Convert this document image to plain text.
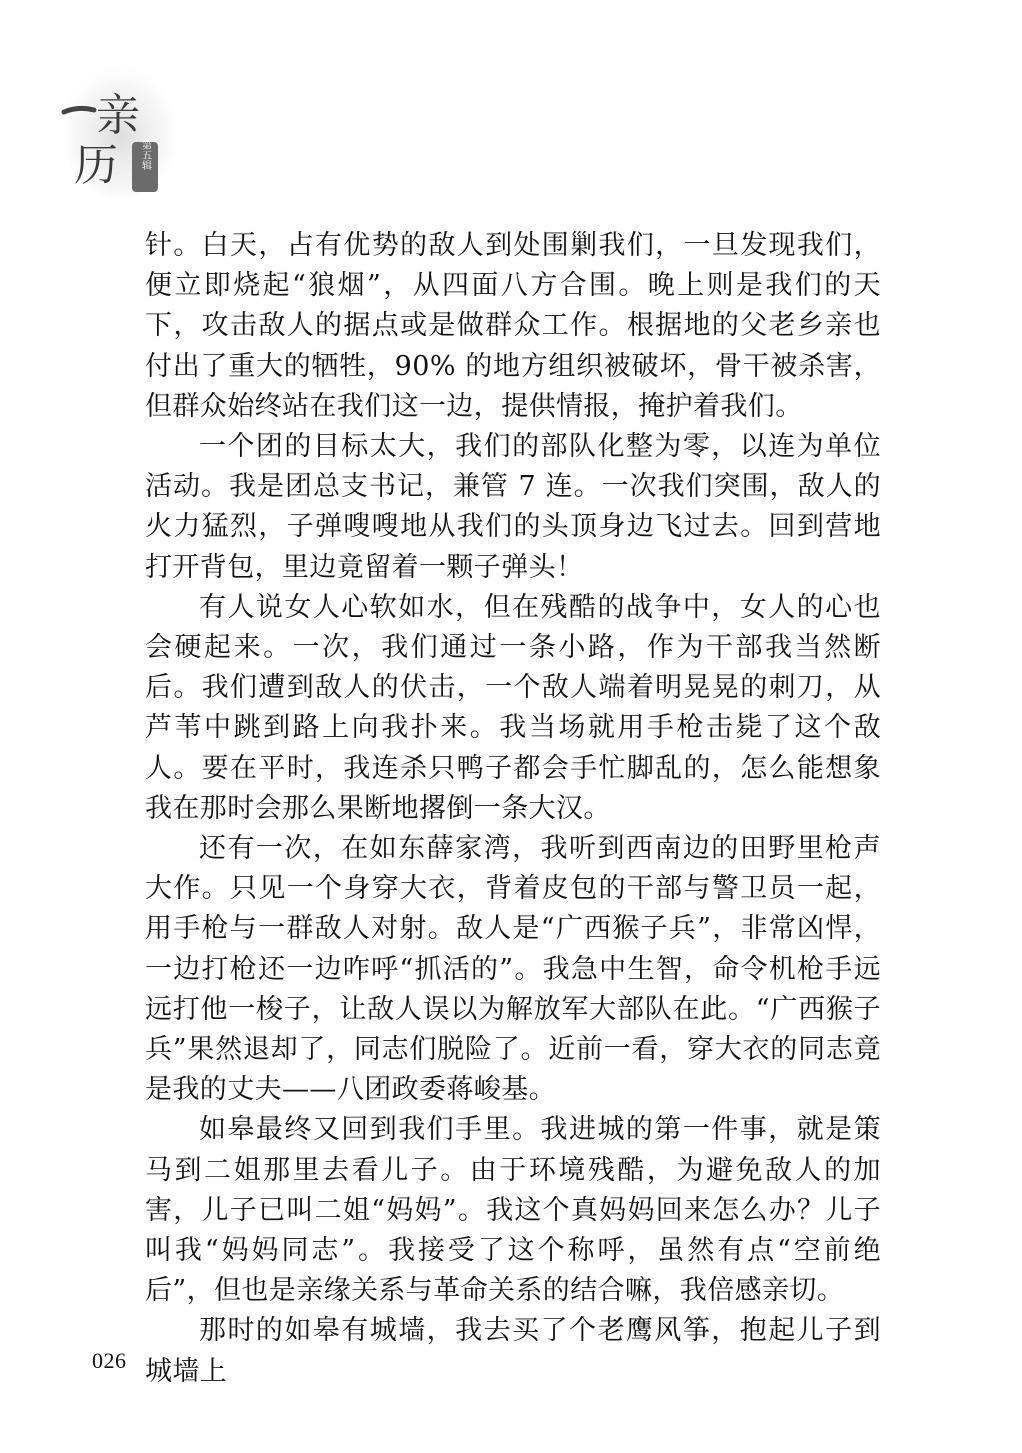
亲
历 第五辑

针。白天，占有优势的敌人到处围剿我们，一旦发现我们，便立即烧起“狼烟”，从四面八方合围。晚上则是我们的天下，攻击敌人的据点或是做群众工作。根据地的父老乡亲也付出了重大的牺牲，90% 的地方组织被破坏，骨干被杀害，但群众始终站在我们这一边，提供情报，掩护着我们。

一个团的目标太大，我们的部队化整为零，以连为单位活动。我是团总支书记，兼管 7 连。一次我们突围，敌人的火力猛烈，子弹嗖嗖地从我们的头顶身边飞过去。回到营地打开背包，里边竟留着一颗子弹头！

有人说女人心软如水，但在残酷的战争中，女人的心也会硬起来。一次，我们通过一条小路，作为干部我当然断后。我们遭到敌人的伏击，一个敌人端着明晃晃的刺刀，从芦苇中跳到路上向我扑来。我当场就用手枪击毙了这个敌人。要在平时，我连杀只鸭子都会手忙脚乱的，怎么能想象我在那时会那么果断地撂倒一条大汉。

还有一次，在如东薛家湾，我听到西南边的田野里枪声大作。只见一个身穿大衣，背着皮包的干部与警卫员一起，用手枪与一群敌人对射。敌人是“广西猴子兵”，非常凶悍，一边打枪还一边咋呼“抓活的”。我急中生智，命令机枪手远远打他一梭子，让敌人误以为解放军大部队在此。“广西猴子兵”果然退却了，同志们脱险了。近前一看，穿大衣的同志竟是我的丈夫——八团政委蒋峻基。

如皋最终又回到我们手里。我进城的第一件事，就是策马到二姐那里去看儿子。由于环境残酷，为避免敌人的加害，儿子已叫二姐“妈妈”。我这个真妈妈回来怎么办？儿子叫我“妈妈同志”。我接受了这个称呼，虽然有点“空前绝后”，但也是亲缘关系与革命关系的结合嘛，我倍感亲切。

那时的如皋有城墙，我去买了个老鹰风筝，抱起儿子到城墙上

026
